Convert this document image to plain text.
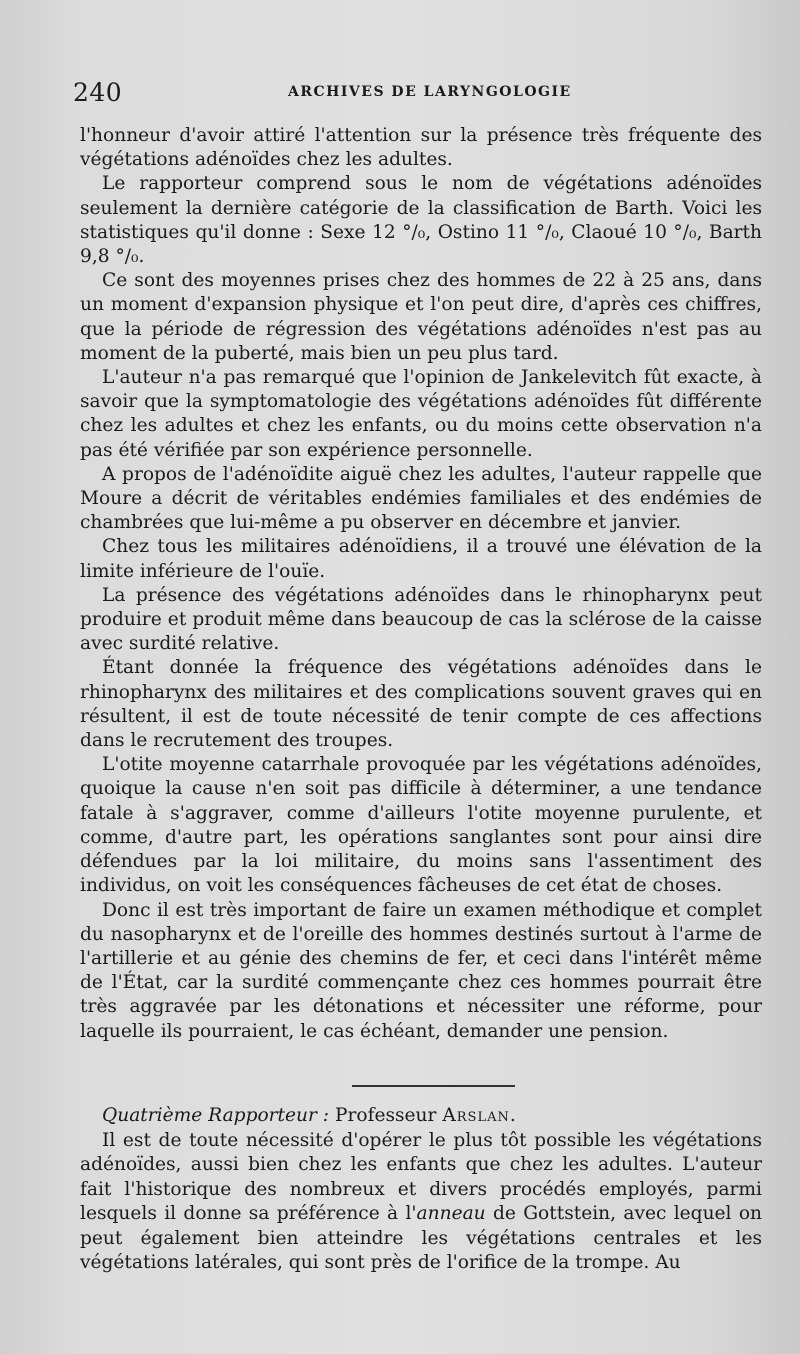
240	ARCHIVES DE LARYNGOLOGIE

l'honneur d'avoir attiré l'attention sur la présence très fréquente des végétations adénoïdes chez les adultes.

Le rapporteur comprend sous le nom de végétations adénoïdes seulement la dernière catégorie de la classification de Barth. Voici les statistiques qu'il donne : Sexe 12 °/₀, Ostino 11 °/₀, Claoué 10 °/₀, Barth 9,8 °/₀.

Ce sont des moyennes prises chez des hommes de 22 à 25 ans, dans un moment d'expansion physique et l'on peut dire, d'après ces chiffres, que la période de régression des végétations adénoïdes n'est pas au moment de la puberté, mais bien un peu plus tard.

L'auteur n'a pas remarqué que l'opinion de Jankelevitch fût exacte, à savoir que la symptomatologie des végétations adénoïdes fût différente chez les adultes et chez les enfants, ou du moins cette observation n'a pas été vérifiée par son expérience personnelle.

A propos de l'adénoïdite aiguë chez les adultes, l'auteur rappelle que Moure a décrit de véritables endémies familiales et des endémies de chambrées que lui-même a pu observer en décembre et janvier.

Chez tous les militaires adénoïdiens, il a trouvé une élévation de la limite inférieure de l'ouïe.

La présence des végétations adénoïdes dans le rhinopharynx peut produire et produit même dans beaucoup de cas la sclérose de la caisse avec surdité relative.

Étant donnée la fréquence des végétations adénoïdes dans le rhinopharynx des militaires et des complications souvent graves qui en résultent, il est de toute nécessité de tenir compte de ces affections dans le recrutement des troupes.

L'otite moyenne catarrhale provoquée par les végétations adénoïdes, quoique la cause n'en soit pas difficile à déterminer, a une tendance fatale à s'aggraver, comme d'ailleurs l'otite moyenne purulente, et comme, d'autre part, les opérations sanglantes sont pour ainsi dire défendues par la loi militaire, du moins sans l'assentiment des individus, on voit les conséquences fâcheuses de cet état de choses.

Donc il est très important de faire un examen méthodique et complet du nasopharynx et de l'oreille des hommes destinés surtout à l'arme de l'artillerie et au génie des chemins de fer, et ceci dans l'intérêt même de l'État, car la surdité commençante chez ces hommes pourrait être très aggravée par les détonations et nécessiter une réforme, pour laquelle ils pourraient, le cas échéant, demander une pension.

Quatrième Rapporteur : Professeur Arslan.

Il est de toute nécessité d'opérer le plus tôt possible les végétations adénoïdes, aussi bien chez les enfants que chez les adultes. L'auteur fait l'historique des nombreux et divers procédés employés, parmi lesquels il donne sa préférence à l'anneau de Gottstein, avec lequel on peut également bien atteindre les végétations centrales et les végétations latérales, qui sont près de l'orifice de la trompe. Au
